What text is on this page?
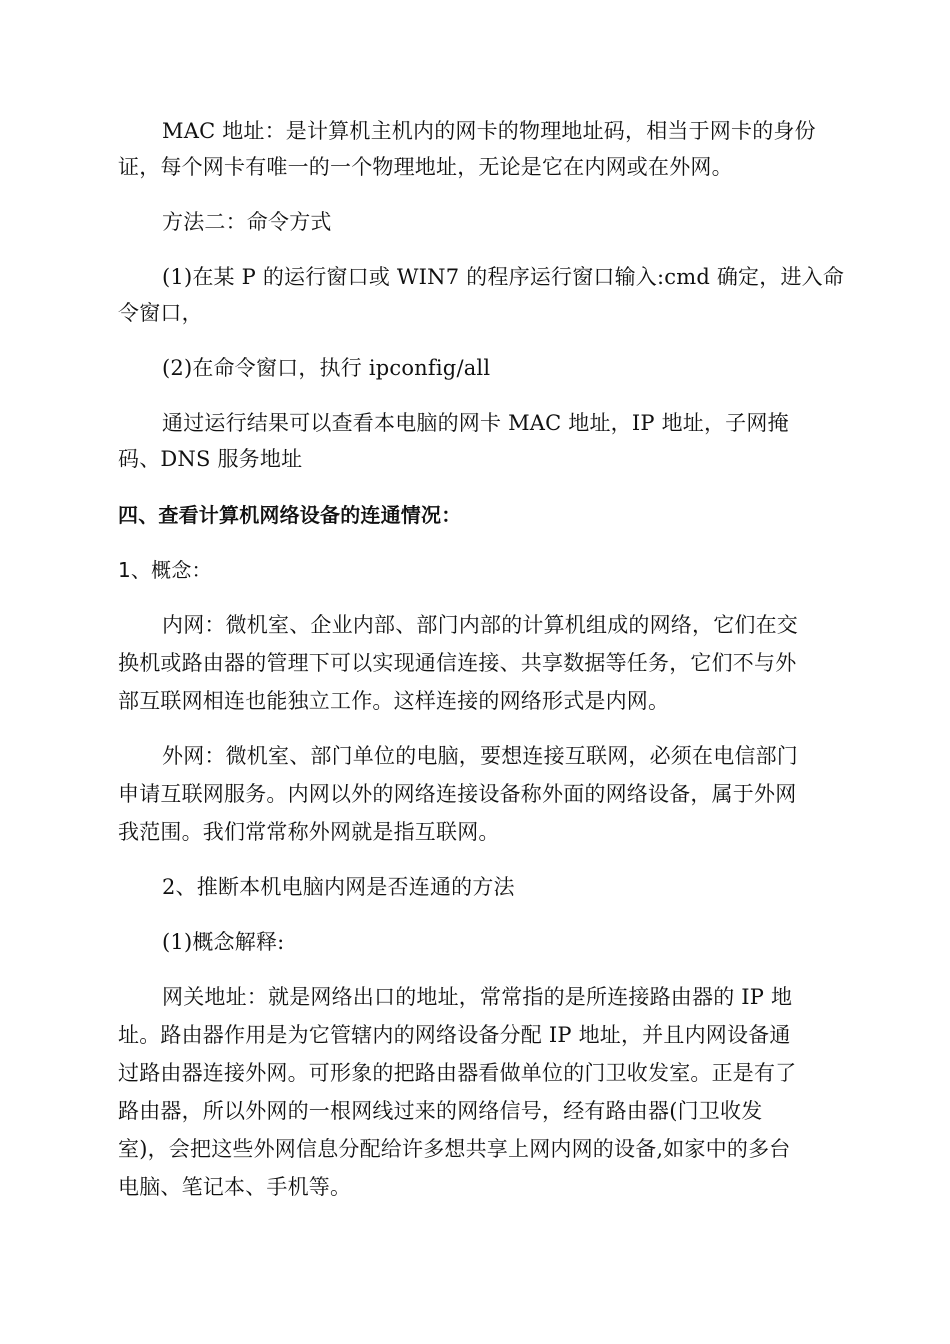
MAC 地址：是计算机主机内的网卡的物理地址码，相当于网卡的身份
证，每个网卡有唯一的一个物理地址，无论是它在内网或在外网。
方法二：命令方式
(1)在某 P 的运行窗口或 WIN7 的程序运行窗口输入:cmd 确定，进入命
令窗口，
(2)在命令窗口，执行 ipconfig/all
通过运行结果可以查看本电脑的网卡 MAC 地址，IP 地址，子网掩
码、DNS 服务地址
四、查看计算机网络设备的连通情况：
1、概念：
内网：微机室、企业内部、部门内部的计算机组成的网络，它们在交
换机或路由器的管理下可以实现通信连接、共享数据等任务，它们不与外
部互联网相连也能独立工作。这样连接的网络形式是内网。
外网：微机室、部门单位的电脑，要想连接互联网，必须在电信部门
申请互联网服务。内网以外的网络连接设备称外面的网络设备，属于外网
我范围。我们常常称外网就是指互联网。
2、推断本机电脑内网是否连通的方法
(1)概念解释:
网关地址：就是网络出口的地址，常常指的是所连接路由器的 IP 地
址。路由器作用是为它管辖内的网络设备分配 IP 地址，并且内网设备通
过路由器连接外网。可形象的把路由器看做单位的门卫收发室。正是有了
路由器，所以外网的一根网线过来的网络信号，经有路由器(门卫收发
室)，会把这些外网信息分配给许多想共享上网内网的设备,如家中的多台
电脑、笔记本、手机等。
